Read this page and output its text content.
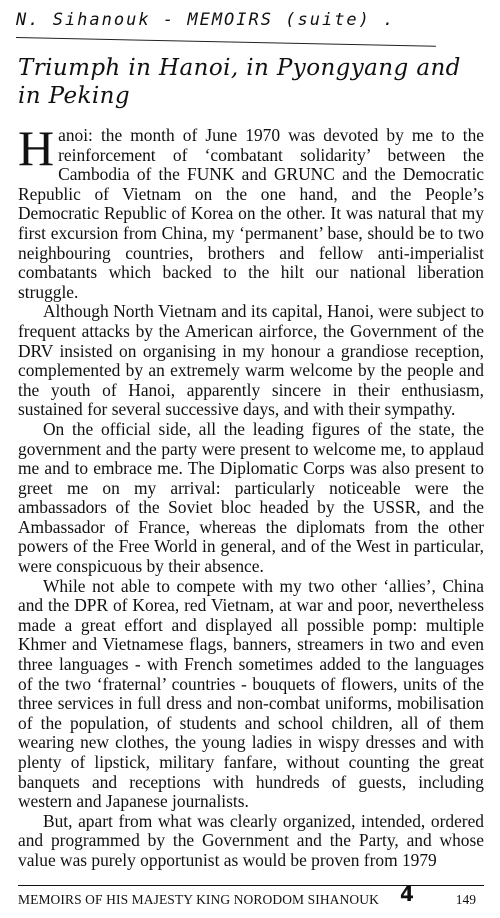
N. Sihanouk - MEMOIRS (suite) .
Triumph in Hanoi, in Pyongyang and in Peking

Hanoi: the month of June 1970 was devoted by me to the reinforcement of ‘combatant solidarity’ between the Cambodia of the FUNK and GRUNC and the Democratic Republic of Vietnam on the one hand, and the People’s Democratic Republic of Korea on the other. It was natural that my first excursion from China, my ‘permanent’ base, should be to two neighbouring countries, brothers and fellow anti-imperialist combatants which backed to the hilt our national liberation struggle.

Although North Vietnam and its capital, Hanoi, were subject to frequent attacks by the American airforce, the Government of the DRV insisted on organising in my honour a grandiose reception, complemented by an extremely warm welcome by the people and the youth of Hanoi, apparently sincere in their enthusiasm, sustained for several successive days, and with their sympathy.

On the official side, all the leading figures of the state, the government and the party were present to welcome me, to applaud me and to embrace me. The Diplomatic Corps was also present to greet me on my arrival: particularly noticeable were the ambassadors of the Soviet bloc headed by the USSR, and the Ambassador of France, whereas the diplomats from the other powers of the Free World in general, and of the West in particular, were conspicuous by their absence.

While not able to compete with my two other ‘allies’, China and the DPR of Korea, red Vietnam, at war and poor, nevertheless made a great effort and displayed all possible pomp: multiple Khmer and Vietnamese flags, banners, streamers in two and even three languages - with French sometimes added to the languages of the two ‘fraternal’ countries - bouquets of flowers, units of the three services in full dress and non-combat uniforms, mobilisation of the population, of students and school children, all of them wearing new clothes, the young ladies in wispy dresses and with plenty of lipstick, military fanfare, without counting the great banquets and receptions with hundreds of guests, including western and Japanese journalists.

But, apart from what was clearly organized, intended, ordered and programmed by the Government and the Party, and whose value was purely opportunist as would be proven from 1979

MEMOIRS OF HIS MAJESTY KING NORODOM SIHANOUK 4	149
